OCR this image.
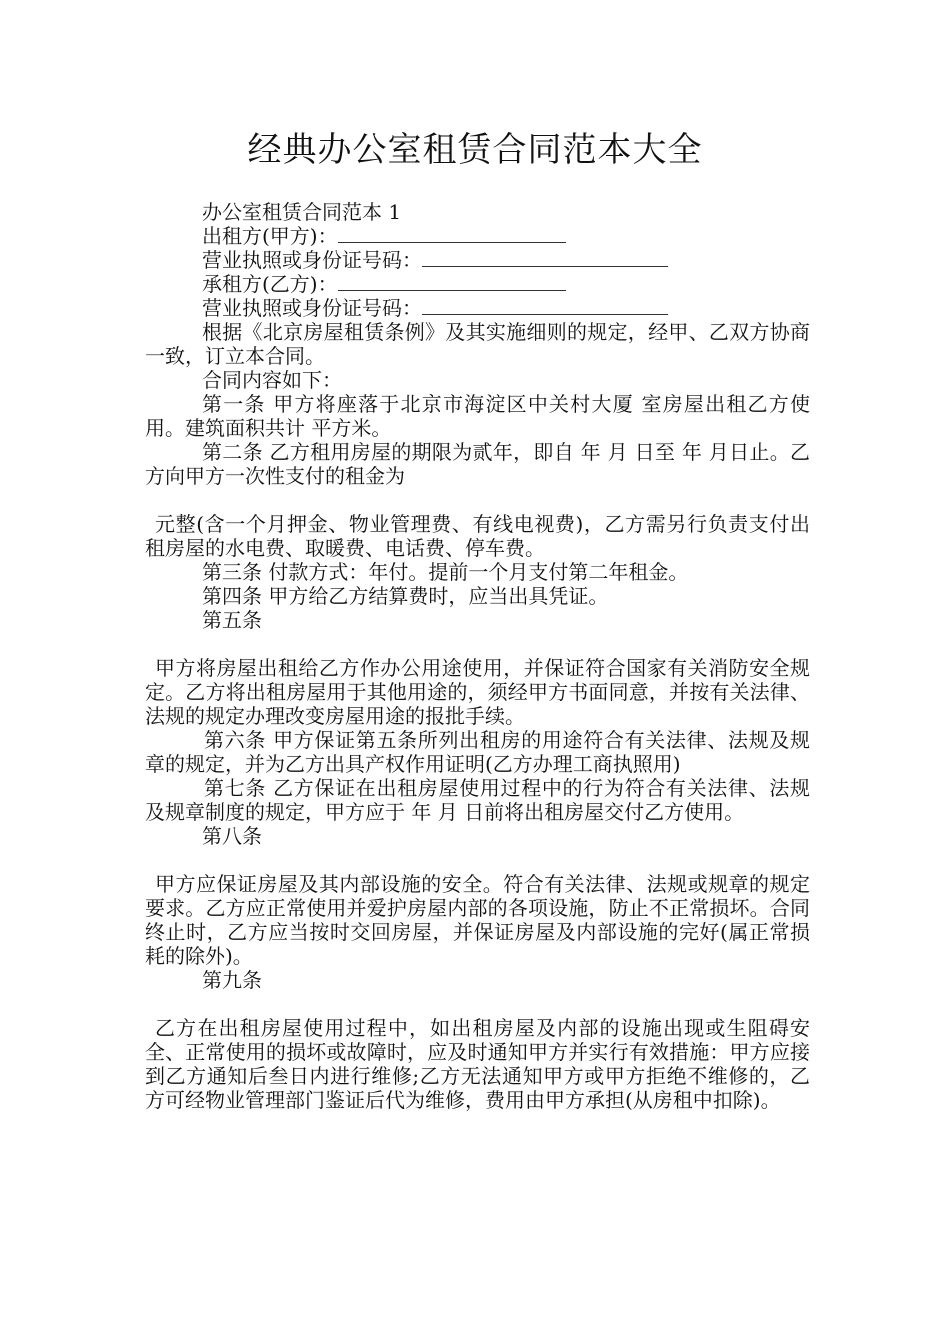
经典办公室租赁合同范本大全

办公室租赁合同范本 1

出租方(甲方)：

营业执照或身份证号码：

承租方(乙方)：

营业执照或身份证号码：

根据《北京房屋租赁条例》及其实施细则的规定，经甲、乙双方协商一致，订立本合同。

合同内容如下：

第一条 甲方将座落于北京市海淀区中关村大厦 室房屋出租乙方使用。建筑面积共计 平方米。

第二条 乙方租用房屋的期限为贰年，即自 年 月 日至 年 月日止。乙方向甲方一次性支付的租金为

元整(含一个月押金、物业管理费、有线电视费)，乙方需另行负责支付出租房屋的水电费、取暖费、电话费、停车费。

第三条 付款方式：年付。提前一个月支付第二年租金。

第四条 甲方给乙方结算费时，应当出具凭证。

第五条

甲方将房屋出租给乙方作办公用途使用，并保证符合国家有关消防安全规定。乙方将出租房屋用于其他用途的，须经甲方书面同意，并按有关法律、法规的规定办理改变房屋用途的报批手续。

第六条 甲方保证第五条所列出租房的用途符合有关法律、法规及规章的规定，并为乙方出具产权作用证明(乙方办理工商执照用)

第七条 乙方保证在出租房屋使用过程中的行为符合有关法律、法规及规章制度的规定，甲方应于 年 月 日前将出租房屋交付乙方使用。

第八条

甲方应保证房屋及其内部设施的安全。符合有关法律、法规或规章的规定要求。乙方应正常使用并爱护房屋内部的各项设施，防止不正常损坏。合同终止时，乙方应当按时交回房屋，并保证房屋及内部设施的完好(属正常损耗的除外)。

第九条

乙方在出租房屋使用过程中，如出租房屋及内部的设施出现或生阻碍安全、正常使用的损坏或故障时，应及时通知甲方并实行有效措施：甲方应接到乙方通知后叁日内进行维修;乙方无法通知甲方或甲方拒绝不维修的，乙方可经物业管理部门鉴证后代为维修，费用由甲方承担(从房租中扣除)。
